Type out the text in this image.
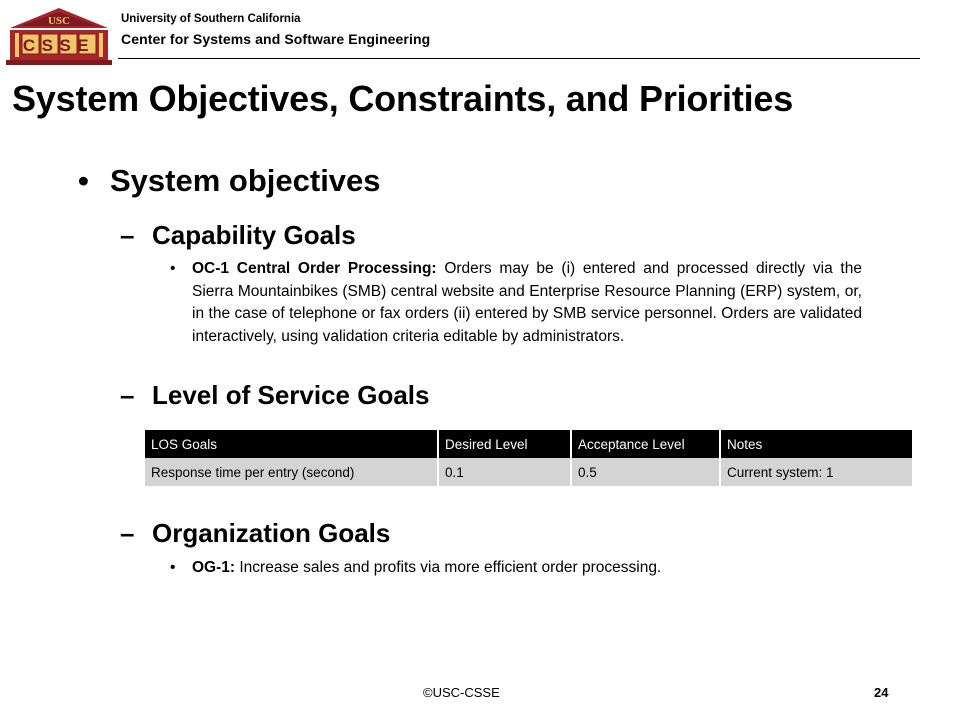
USC
CSSE
University of Southern California
Center for Systems and Software Engineering
System Objectives, Constraints, and Priorities
• System objectives
– Capability Goals
• OC-1 Central Order Processing: Orders may be (i) entered and processed directly via the Sierra Mountainbikes (SMB) central website and Enterprise Resource Planning (ERP) system, or, in the case of telephone or fax orders (ii) entered by SMB service personnel. Orders are validated interactively, using validation criteria editable by administrators.
– Level of Service Goals
LOS Goals	Desired Level	Acceptance Level	Notes
Response time per entry (second)	0.1	0.5	Current system: 1
– Organization Goals
• OG-1: Increase sales and profits via more efficient order processing.
©USC-CSSE	24
